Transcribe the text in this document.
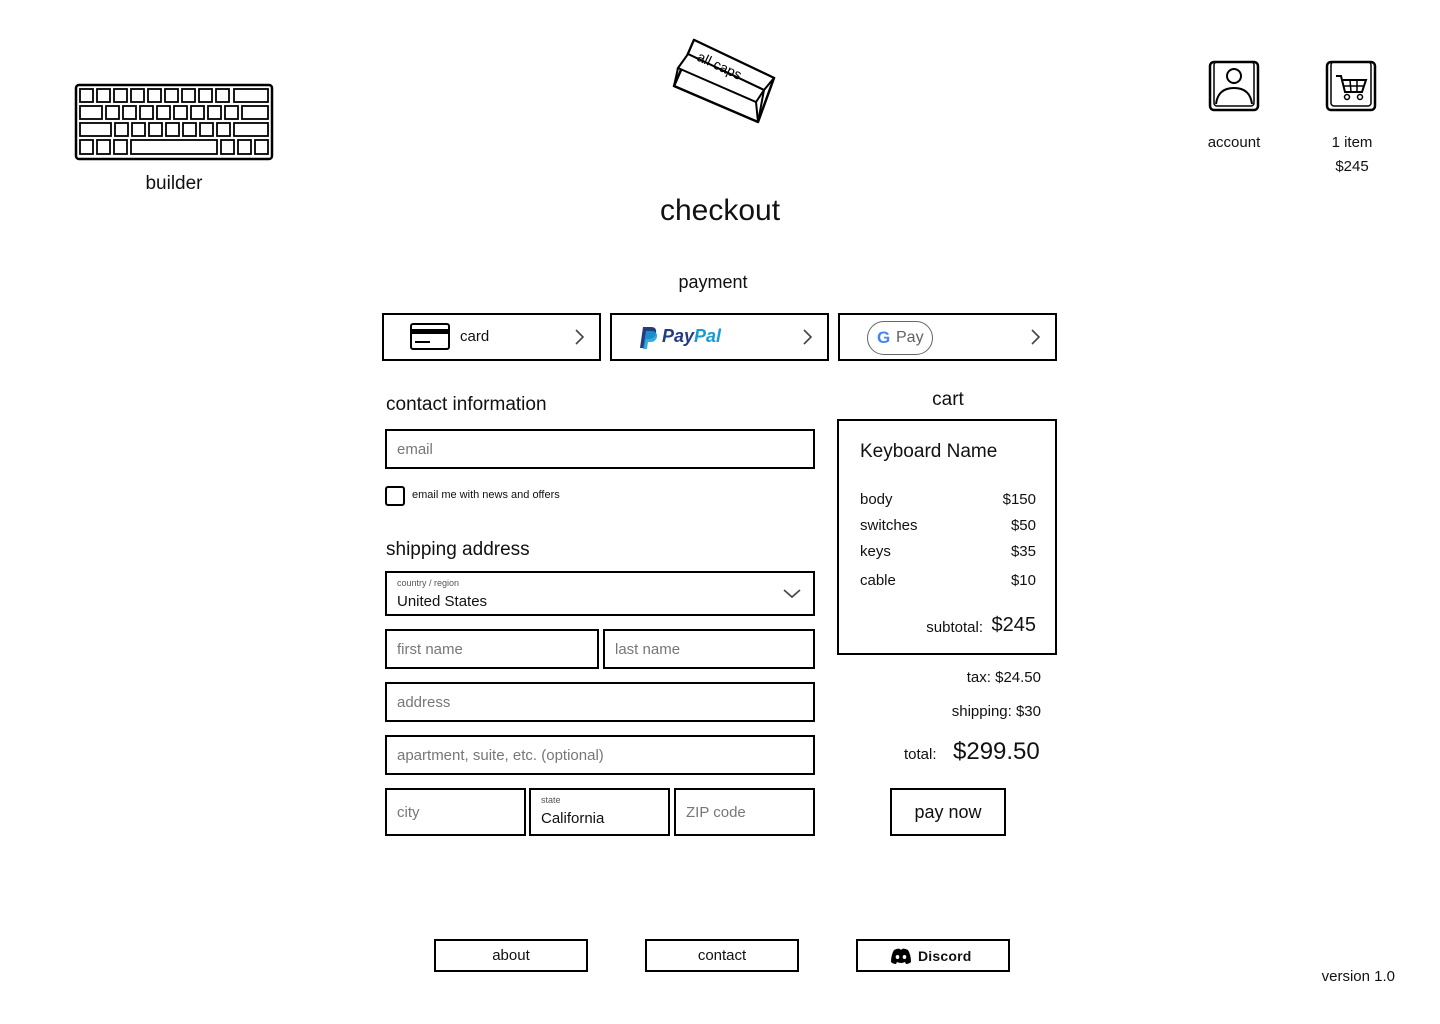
builder
all caps
account	1 item
$245
checkout
payment
card	PayPal	G Pay
contact information
email
email me with news and offers
shipping address
country / region
United States
first name
last name
address
apartment, suite, etc. (optional)
city
state
California
ZIP code
cart
Keyboard Name
body	$150
switches	$50
keys	$35
cable	$10
subtotal: $245
tax: $24.50
shipping: $30
total: $299.50
pay now
about	contact	Discord
version 1.0
